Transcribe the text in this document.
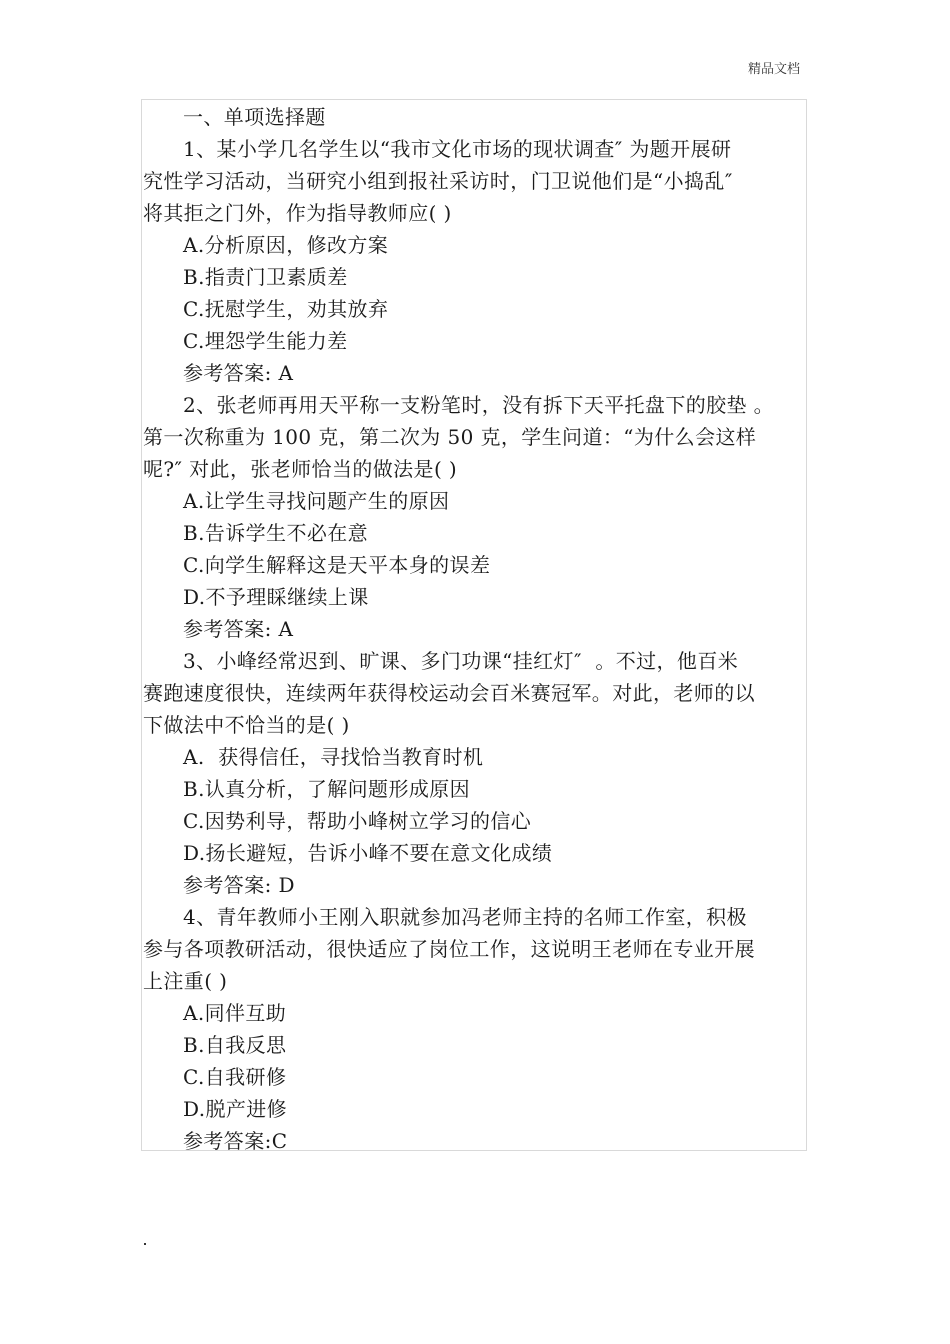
精品文档
一、单项选择题
1、某小学几名学生以“我市文化市场的现状调查″ 为题开展研
究性学习活动，当研究小组到报社采访时，门卫说他们是“小捣乱″
将其拒之门外，作为指导教师应( )
A.分析原因，修改方案
B.指责门卫素质差
C.抚慰学生，劝其放弃
C.埋怨学生能力差
参考答案: A
2、张老师再用天平称一支粉笔时，没有拆下天平托盘下的胶垫 。
第一次称重为 100 克，第二次为 50 克，学生问道：“为什么会这样
呢?″ 对此，张老师恰当的做法是( )
A.让学生寻找问题产生的原因
B.告诉学生不必在意
C.向学生解释这是天平本身的误差
D.不予理睬继续上课
参考答案: A
3、小峰经常迟到、旷课、多门功课“挂红灯″  。不过，他百米
赛跑速度很快，连续两年获得校运动会百米赛冠军。对此，老师的以
下做法中不恰当的是( )
A.  获得信任，寻找恰当教育时机
B.认真分析，了解问题形成原因
C.因势利导，帮助小峰树立学习的信心
D.扬长避短，告诉小峰不要在意文化成绩
参考答案: D
4、青年教师小王刚入职就参加冯老师主持的名师工作室，积极
参与各项教研活动，很快适应了岗位工作，这说明王老师在专业开展
上注重( )
A.同伴互助
B.自我反思
C.自我研修
D.脱产进修
参考答案:C
